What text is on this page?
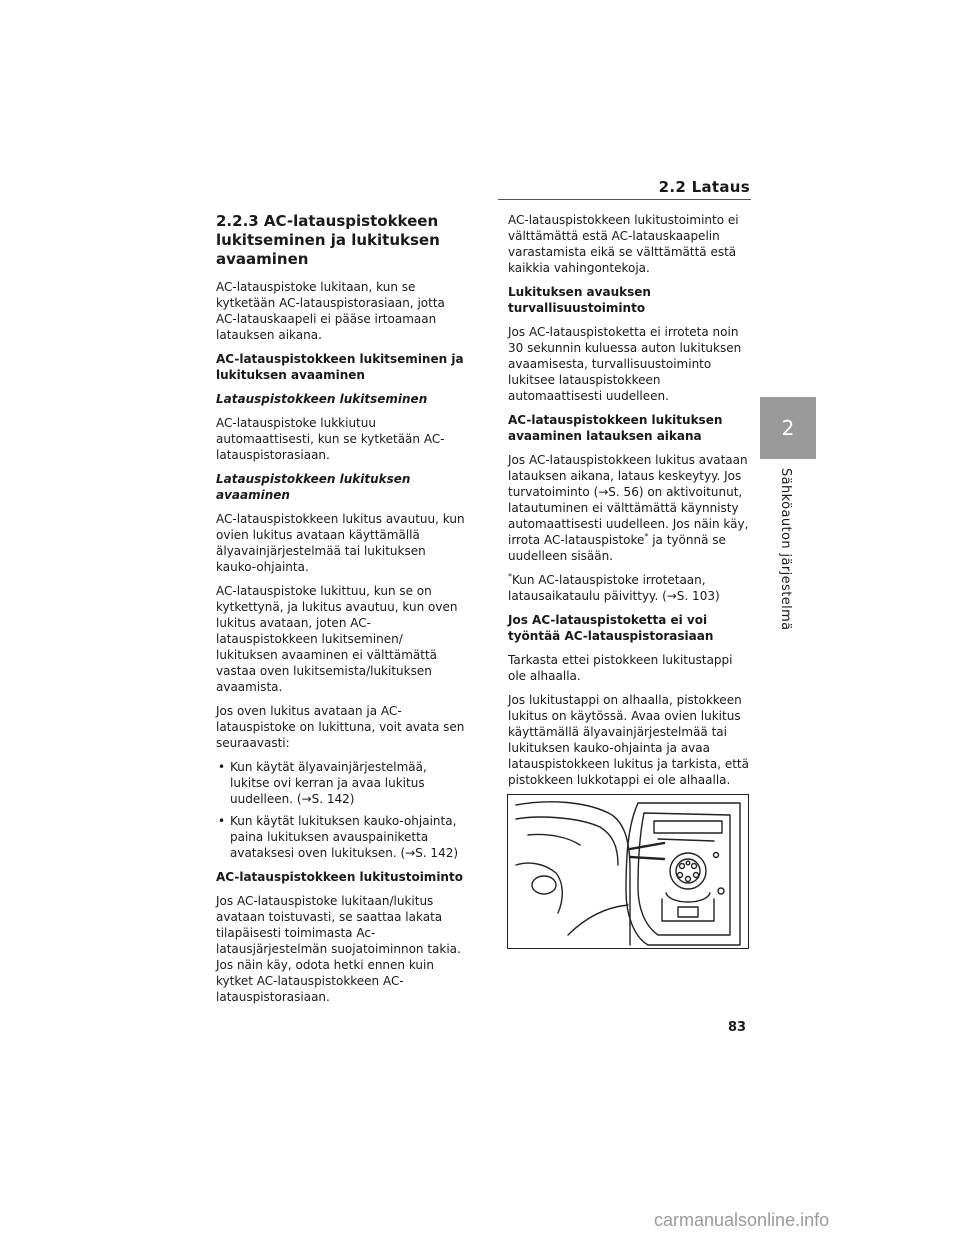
2.2 Lataus
2
Sähköauton järjestelmä
2.2.3 AC-latauspistokkeen lukitseminen ja lukituksen avaaminen

AC-latauspistoke lukitaan, kun se kytketään AC-latauspistorasiaan, jotta AC-latauskaapeli ei pääse irtoamaan latauksen aikana.

AC-latauspistokkeen lukitseminen ja lukituksen avaaminen
Latauspistokkeen lukitseminen

AC-latauspistoke lukkiutuu automaattisesti, kun se kytketään AC-latauspistorasiaan.

Latauspistokkeen lukituksen avaaminen

AC-latauspistokkeen lukitus avautuu, kun ovien lukitus avataan käyttämällä älyavainjärjestelmää tai lukituksen kauko-ohjainta.

AC-latauspistoke lukittuu, kun se on kytkettynä, ja lukitus avautuu, kun oven lukitus avataan, joten AC-latauspistokkeen lukitseminen/ lukituksen avaaminen ei välttämättä vastaa oven lukitsemista/lukituksen avaamista.

Jos oven lukitus avataan ja AC-latauspistoke on lukittuna, voit avata sen seuraavasti:

• Kun käytät älyavainjärjestelmää, lukitse ovi kerran ja avaa lukitus uudelleen. (→S. 142)
• Kun käytät lukituksen kauko-ohjainta, paina lukituksen avauspainiketta avataksesi oven lukituksen. (→S. 142)
AC-latauspistokkeen lukitustoiminto

Jos AC-latauspistoke lukitaan/lukitus avataan toistuvasti, se saattaa lakata tilapäisesti toimimasta Ac-latausjärjestelmän suojatoiminnon takia. Jos näin käy, odota hetki ennen kuin kytket AC-latauspistokkeen AC-latauspistorasiaan.

AC-latauspistokkeen lukitustoiminto ei välttämättä estä AC-latauskaapelin varastamista eikä se välttämättä estä kaikkia vahingontekoja.

Lukituksen avauksen turvallisuustoiminto

Jos AC-latauspistoketta ei irroteta noin 30 sekunnin kuluessa auton lukituksen avaamisesta, turvallisuustoiminto lukitsee latauspistokkeen automaattisesti uudelleen.

AC-latauspistokkeen lukituksen avaaminen latauksen aikana

Jos AC-latauspistokkeen lukitus avataan latauksen aikana, lataus keskeytyy. Jos turvatoiminto (→S. 56) on aktivoitunut, latautuminen ei välttämättä käynnisty automaattisesti uudelleen. Jos näin käy, irrota AC-latauspistoke* ja työnnä se uudelleen sisään.

*Kun AC-latauspistoke irrotetaan, latausaikataulu päivittyy. (→S. 103)

Jos AC-latauspistoketta ei voi työntää AC-latauspistorasiaan

Tarkasta ettei pistokkeen lukitustappi ole alhaalla.

Jos lukitustappi on alhaalla, pistokkeen lukitus on käytössä. Avaa ovien lukitus käyttämällä älyavainjärjestelmää tai lukituksen kauko-ohjainta ja avaa latauspistokkeen lukitus ja tarkista, että pistokkeen lukkotappi ei ole alhaalla.

83
carmanualsonline.info
